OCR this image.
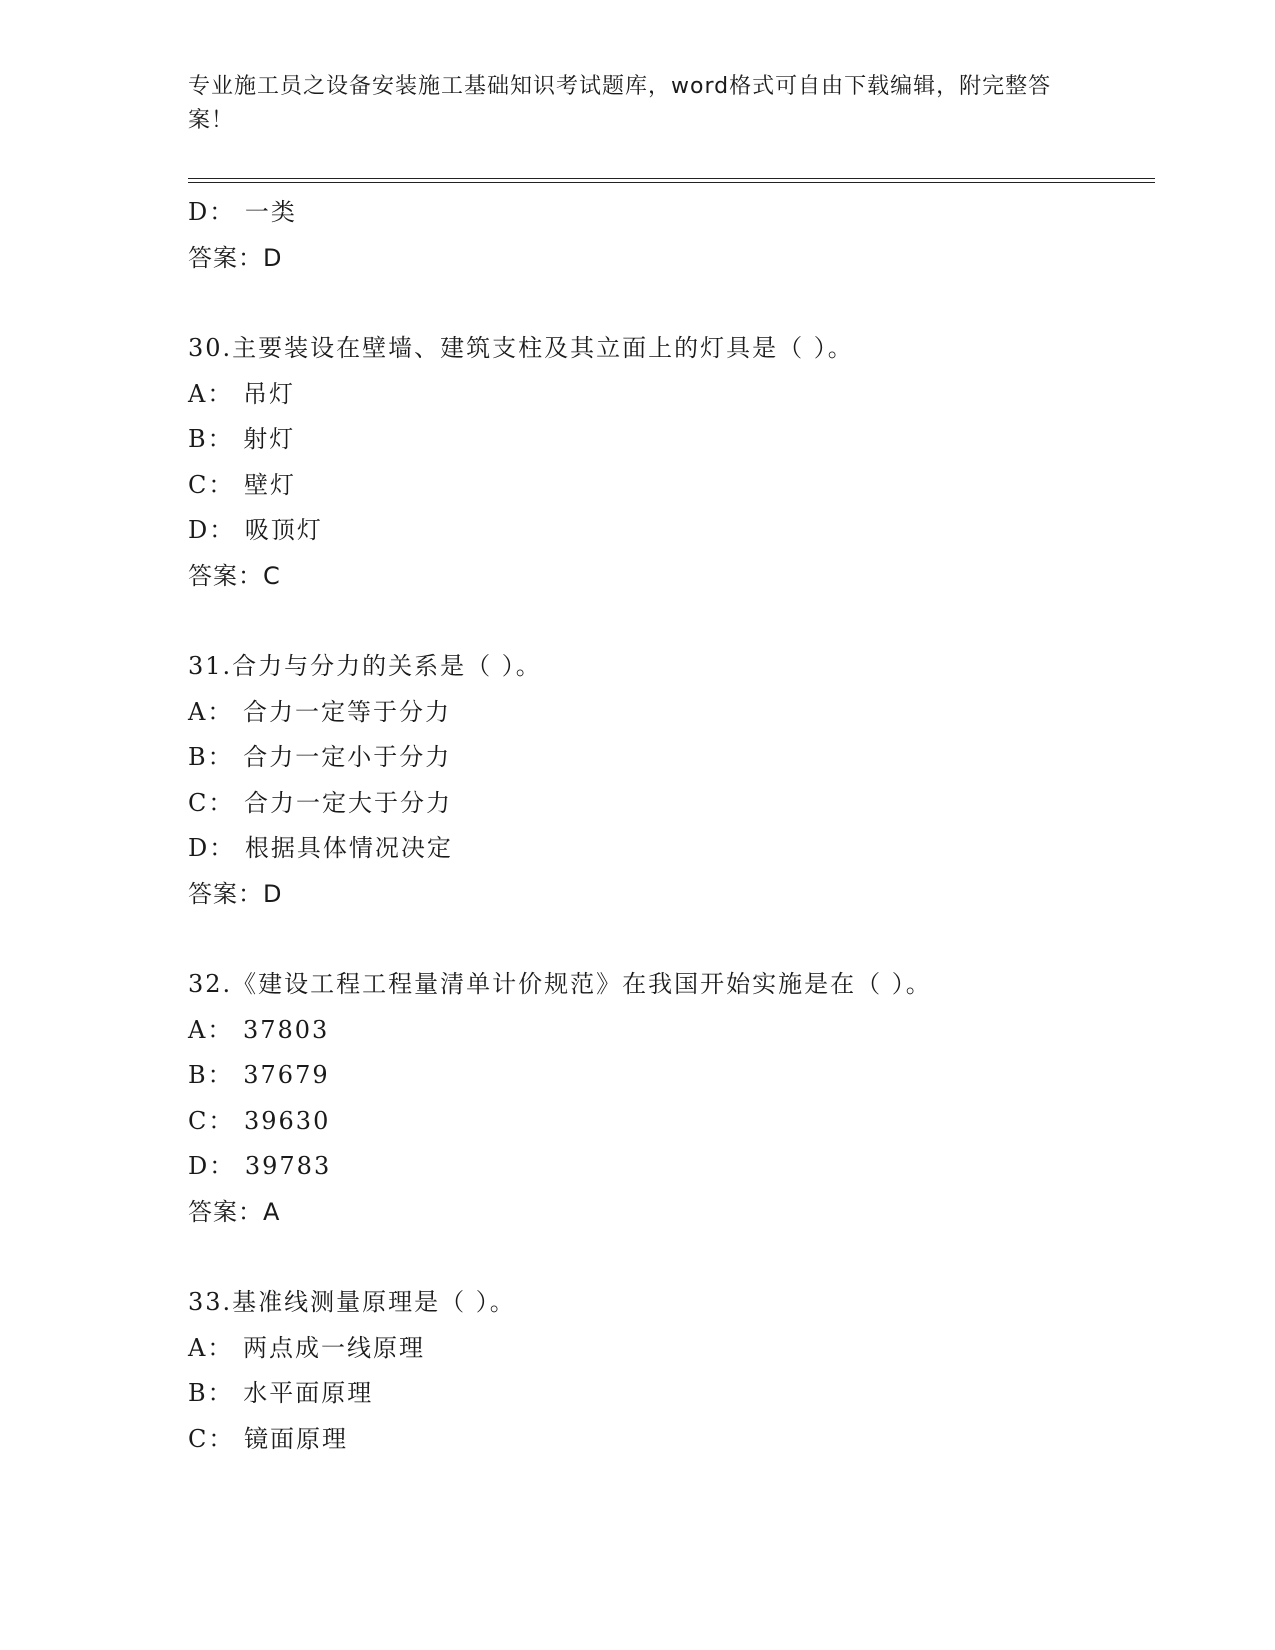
专业施工员之设备安装施工基础知识考试题库，word格式可自由下载编辑，附完整答案！
D： 一类
答案：D
30.主要装设在壁墙、建筑支柱及其立面上的灯具是（ ）。
A： 吊灯
B： 射灯
C： 壁灯
D： 吸顶灯
答案：C
31.合力与分力的关系是（ ）。
A： 合力一定等于分力
B： 合力一定小于分力
C： 合力一定大于分力
D： 根据具体情况决定
答案：D
32.《建设工程工程量清单计价规范》在我国开始实施是在（ ）。
A： 37803
B： 37679
C： 39630
D： 39783
答案：A
33.基准线测量原理是（ ）。
A： 两点成一线原理
B： 水平面原理
C： 镜面原理
